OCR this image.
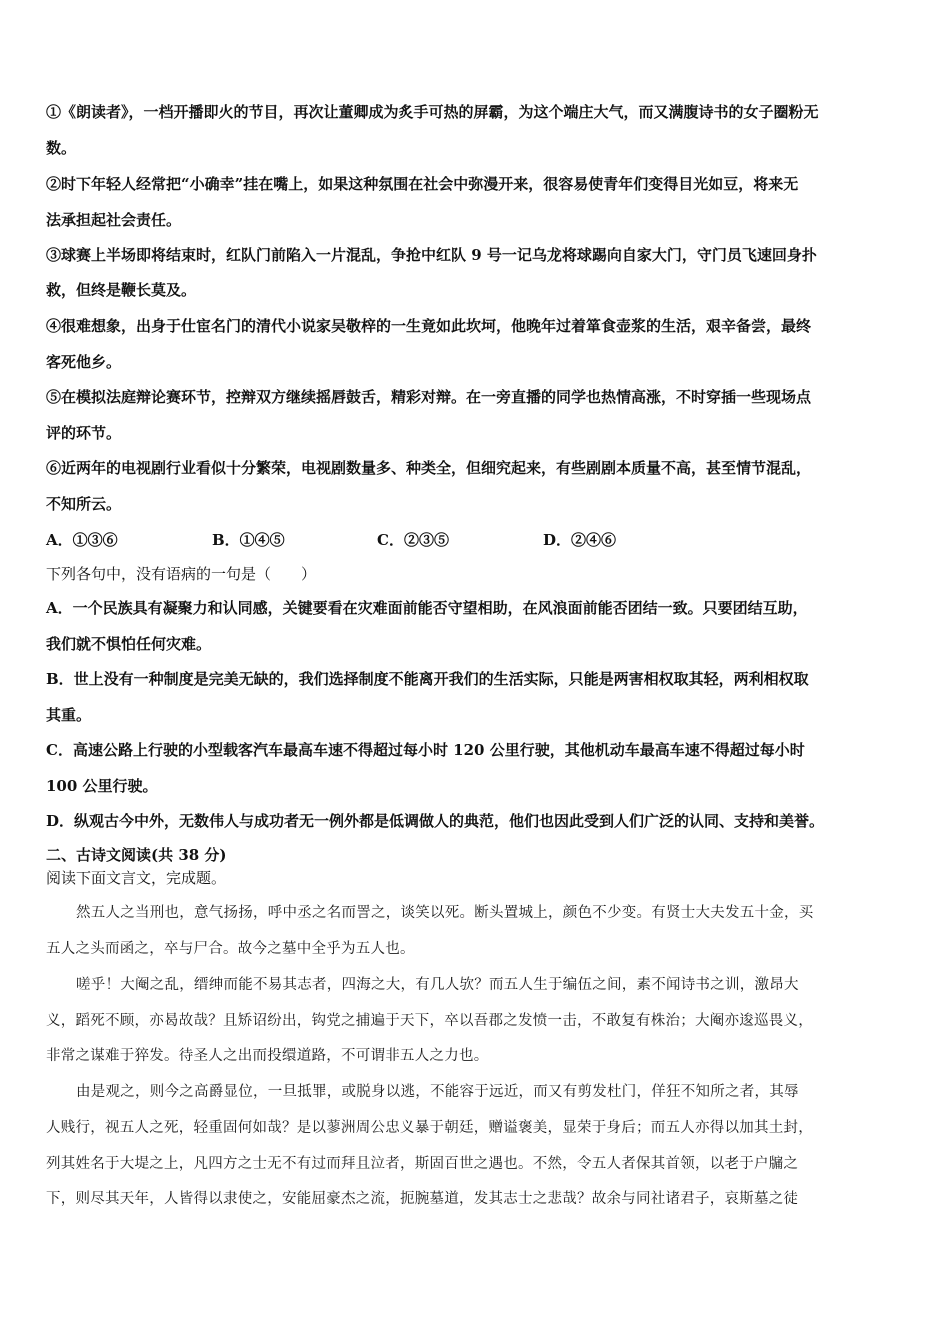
①《朗读者》，一档开播即火的节目，再次让董卿成为炙手可热的屏霸，为这个端庄大气，而又满腹诗书的女子圈粉无
数。
②时下年轻人经常把“小确幸”挂在嘴上，如果这种氛围在社会中弥漫开来，很容易使青年们变得目光如豆，将来无
法承担起社会责任。
③球赛上半场即将结束时，红队门前陷入一片混乱，争抢中红队 9 号一记乌龙将球踢向自家大门，守门员飞速回身扑
救，但终是鞭长莫及。
④很难想象，出身于仕宦名门的清代小说家吴敬梓的一生竟如此坎坷，他晚年过着箪食壶浆的生活，艰辛备尝，最终
客死他乡。
⑤在模拟法庭辩论赛环节，控辩双方继续摇唇鼓舌，精彩对辩。在一旁直播的同学也热情高涨，不时穿插一些现场点
评的环节。
⑥近两年的电视剧行业看似十分繁荣，电视剧数量多、种类全，但细究起来，有些剧剧本质量不高，甚至情节混乱，
不知所云。
A．①③⑥	B．①④⑤	C．②③⑤	D．②④⑥
下列各句中，没有语病的一句是（　　）
A．一个民族具有凝聚力和认同感，关键要看在灾难面前能否守望相助，在风浪面前能否团结一致。只要团结互助，
我们就不惧怕任何灾难。
B．世上没有一种制度是完美无缺的，我们选择制度不能离开我们的生活实际，只能是两害相权取其轻，两利相权取
其重。
C．高速公路上行驶的小型载客汽车最高车速不得超过每小时 120 公里行驶，其他机动车最高车速不得超过每小时
100 公里行驶。
D．纵观古今中外，无数伟人与成功者无一例外都是低调做人的典范，他们也因此受到人们广泛的认同、支持和美誉。
二、古诗文阅读(共 38 分)
阅读下面文言文，完成题。
然五人之当刑也，意气扬扬，呼中丞之名而詈之，谈笑以死。断头置城上，颜色不少变。有贤士大夫发五十金，买
五人之头而函之，卒与尸合。故今之墓中全乎为五人也。
嗟乎！大阉之乱，缙绅而能不易其志者，四海之大，有几人欤？而五人生于编伍之间，素不闻诗书之训，激昂大
义，蹈死不顾，亦曷故哉？且矫诏纷出，钩党之捕遍于天下，卒以吾郡之发愤一击，不敢复有株治；大阉亦逡巡畏义，
非常之谋难于猝发。待圣人之出而投缳道路，不可谓非五人之力也。
由是观之，则今之高爵显位，一旦抵罪，或脱身以逃，不能容于远近，而又有剪发杜门，佯狂不知所之者，其辱
人贱行，视五人之死，轻重固何如哉？是以蓼洲周公忠义暴于朝廷，赠谥褒美，显荣于身后；而五人亦得以加其土封，
列其姓名于大堤之上，凡四方之士无不有过而拜且泣者，斯固百世之遇也。不然，令五人者保其首领，以老于户牖之
下，则尽其天年，人皆得以隶使之，安能屈豪杰之流，扼腕墓道，发其志士之悲哉？故余与同社诸君子，哀斯墓之徒
